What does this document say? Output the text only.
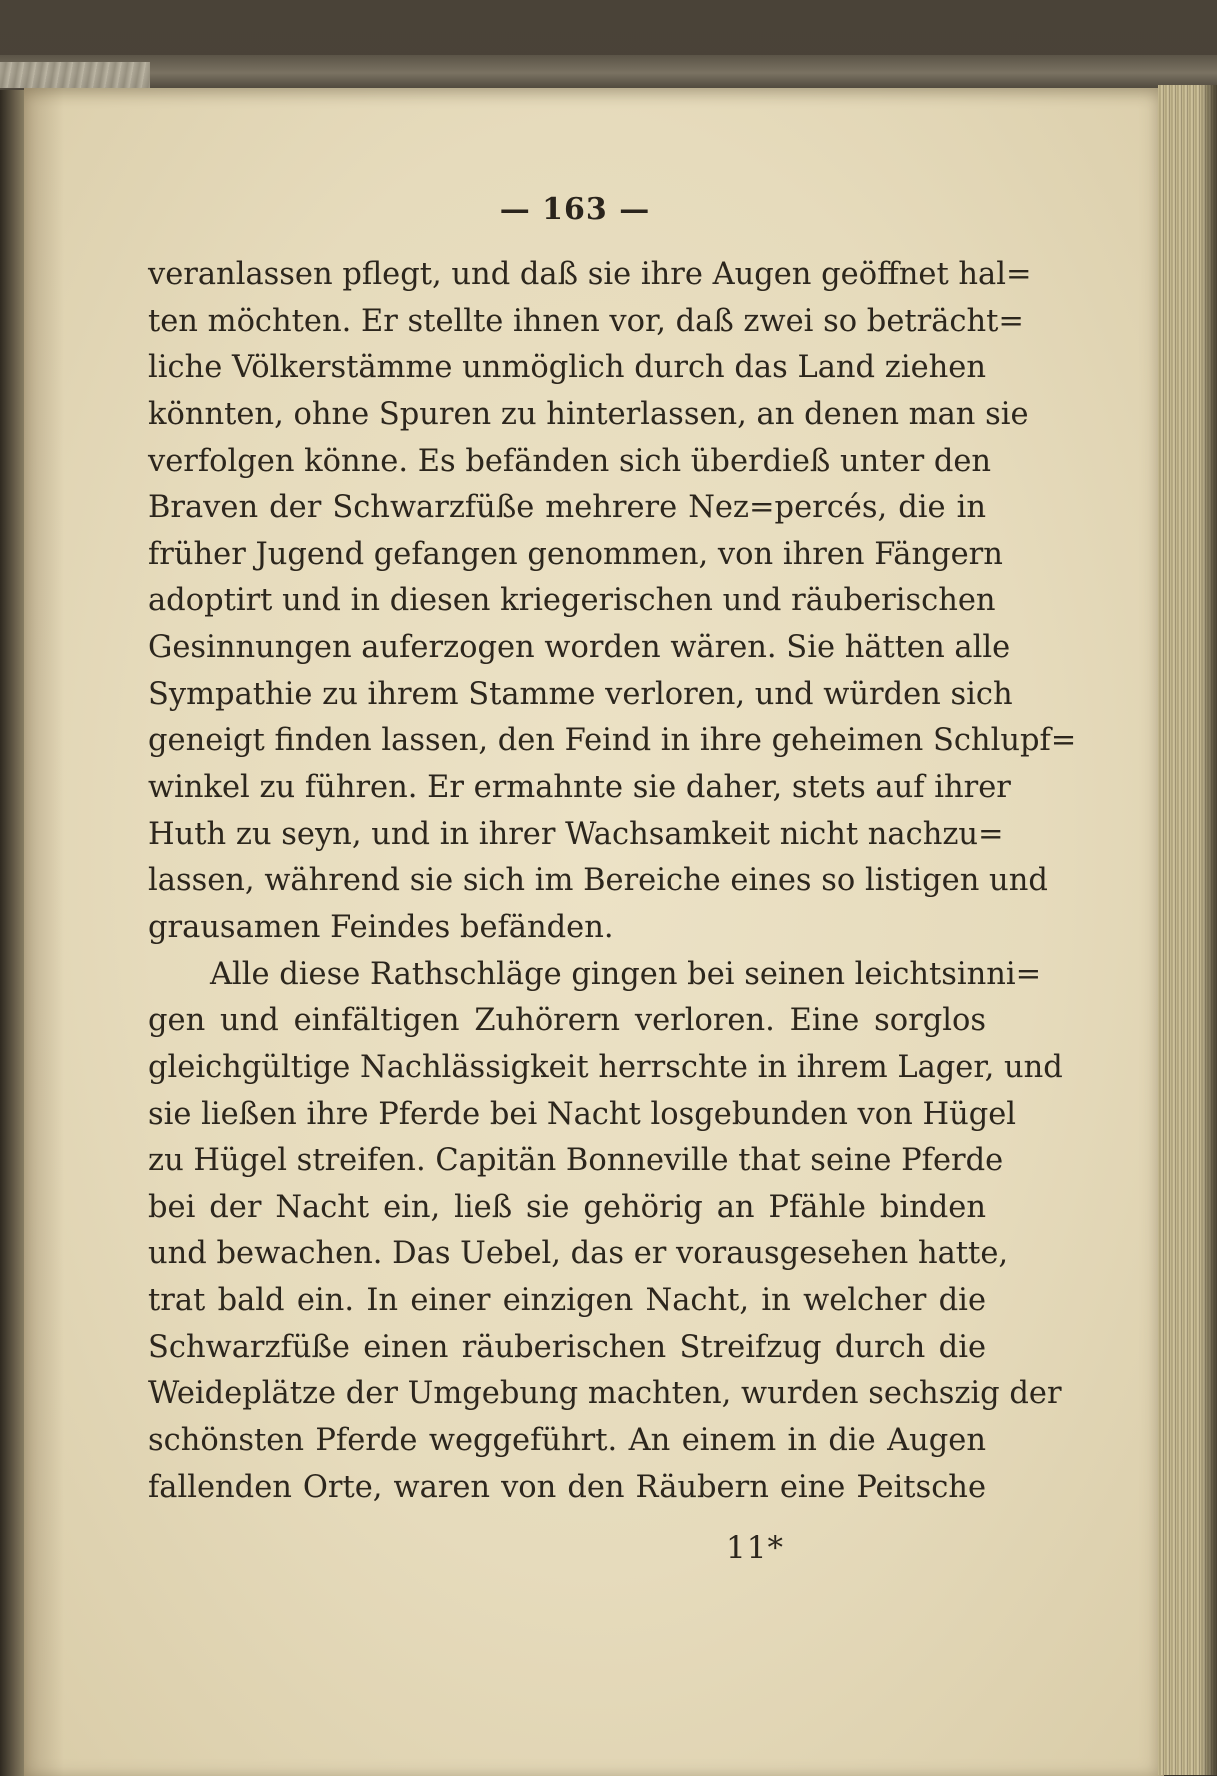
— 163 —
veranlassen pflegt, und daß sie ihre Augen geöffnet hal=
ten möchten. Er stellte ihnen vor, daß zwei so beträcht=
liche Völkerstämme unmöglich durch das Land ziehen
könnten, ohne Spuren zu hinterlassen, an denen man sie
verfolgen könne. Es befänden sich überdieß unter den
Braven der Schwarzfüße mehrere Nez=percés, die in
früher Jugend gefangen genommen, von ihren Fängern
adoptirt und in diesen kriegerischen und räuberischen
Gesinnungen auferzogen worden wären. Sie hätten alle
Sympathie zu ihrem Stamme verloren, und würden sich
geneigt finden lassen, den Feind in ihre geheimen Schlupf=
winkel zu führen. Er ermahnte sie daher, stets auf ihrer
Huth zu seyn, und in ihrer Wachsamkeit nicht nachzu=
lassen, während sie sich im Bereiche eines so listigen und
grausamen Feindes befänden.
Alle diese Rathschläge gingen bei seinen leichtsinni=
gen und einfältigen Zuhörern verloren. Eine sorglos
gleichgültige Nachlässigkeit herrschte in ihrem Lager, und
sie ließen ihre Pferde bei Nacht losgebunden von Hügel
zu Hügel streifen. Capitän Bonneville that seine Pferde
bei der Nacht ein, ließ sie gehörig an Pfähle binden
und bewachen. Das Uebel, das er vorausgesehen hatte,
trat bald ein. In einer einzigen Nacht, in welcher die
Schwarzfüße einen räuberischen Streifzug durch die
Weideplätze der Umgebung machten, wurden sechszig der
schönsten Pferde weggeführt. An einem in die Augen
fallenden Orte, waren von den Räubern eine Peitsche
11*
